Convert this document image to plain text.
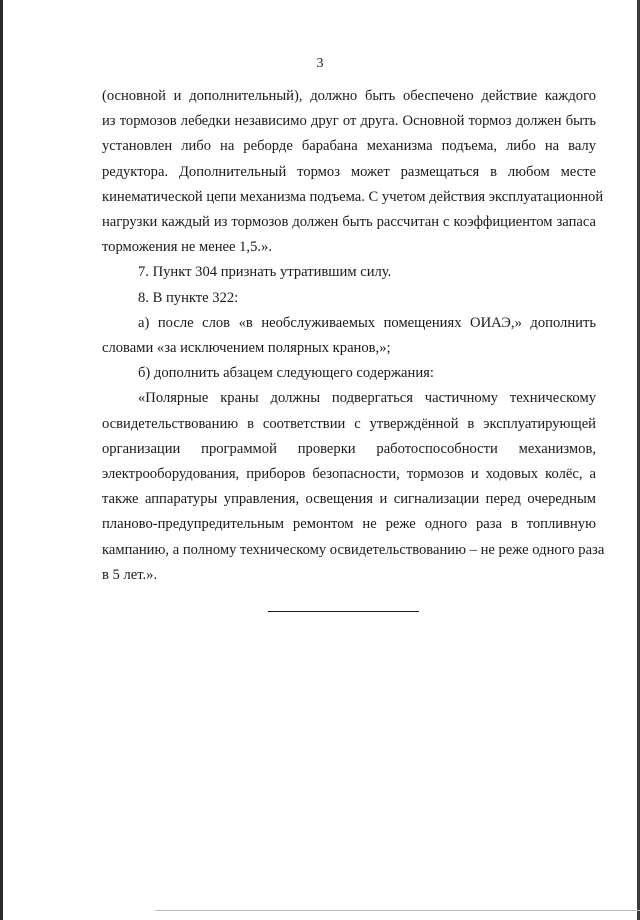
3
(основной и дополнительный), должно быть обеспечено действие каждого
из тормозов лебедки независимо друг от друга. Основной тормоз должен быть
установлен либо на реборде барабана механизма подъема, либо на валу
редуктора. Дополнительный тормоз может размещаться в любом месте
кинематической цепи механизма подъема. С учетом действия эксплуатационной
нагрузки каждый из тормозов должен быть рассчитан с коэффициентом запаса
торможения не менее 1,5.».
7. Пункт 304 признать утратившим силу.
8. В пункте 322:
а) после слов «в необслуживаемых помещениях ОИАЭ,» дополнить
словами «за исключением полярных кранов,»;
б) дополнить абзацем следующего содержания:
«Полярные краны должны подвергаться частичному техническому
освидетельствованию в соответствии с утверждённой в эксплуатирующей
организации программой проверки работоспособности механизмов,
электрооборудования, приборов безопасности, тормозов и ходовых колёс, а
также аппаратуры управления, освещения и сигнализации перед очередным
планово-предупредительным ремонтом не реже одного раза в топливную
кампанию, а полному техническому освидетельствованию – не реже одного раза
в 5 лет.».
